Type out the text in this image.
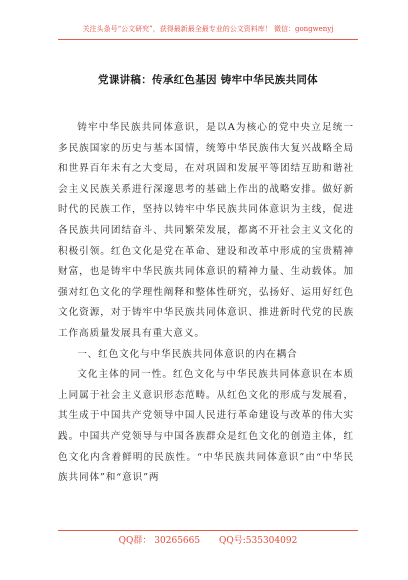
关注头条号“公文研究”，获得最新最全最专业的公文资料库！ 微信：gongwenyj
党课讲稿：传承红色基因 铸牢中华民族共同体

铸牢中华民族共同体意识，是以A为核心的党中央立足统一多民族国家的历史与基本国情，统筹中华民族伟大复兴战略全局和世界百年未有之大变局，在对巩固和发展平等团结互助和谐社会主义民族关系进行深邃思考的基础上作出的战略安排。做好新时代的民族工作，坚持以铸牢中华民族共同体意识为主线，促进各民族共同团结奋斗、共同繁荣发展，都离不开社会主义文化的积极引领。红色文化是党在革命、建设和改革中形成的宝贵精神财富，也是铸牢中华民族共同体意识的精神力量、生动载体。加强对红色文化的学理性阐释和整体性研究，弘扬好、运用好红色文化资源，对于铸牢中华民族共同体意识、推进新时代党的民族工作高质量发展具有重大意义。

一、红色文化与中华民族共同体意识的内在耦合

文化主体的同一性。红色文化与中华民族共同体意识在本质上同属于社会主义意识形态范畴。从红色文化的形成与发展看，其生成于中国共产党领导中国人民进行革命建设与改革的伟大实践。中国共产党领导与中国各族群众是红色文化的创造主体，红色文化内含着鲜明的民族性。“中华民族共同体意识”由“中华民族共同体”和“意识”两

QQ群： 30265665 QQ号:535304092
